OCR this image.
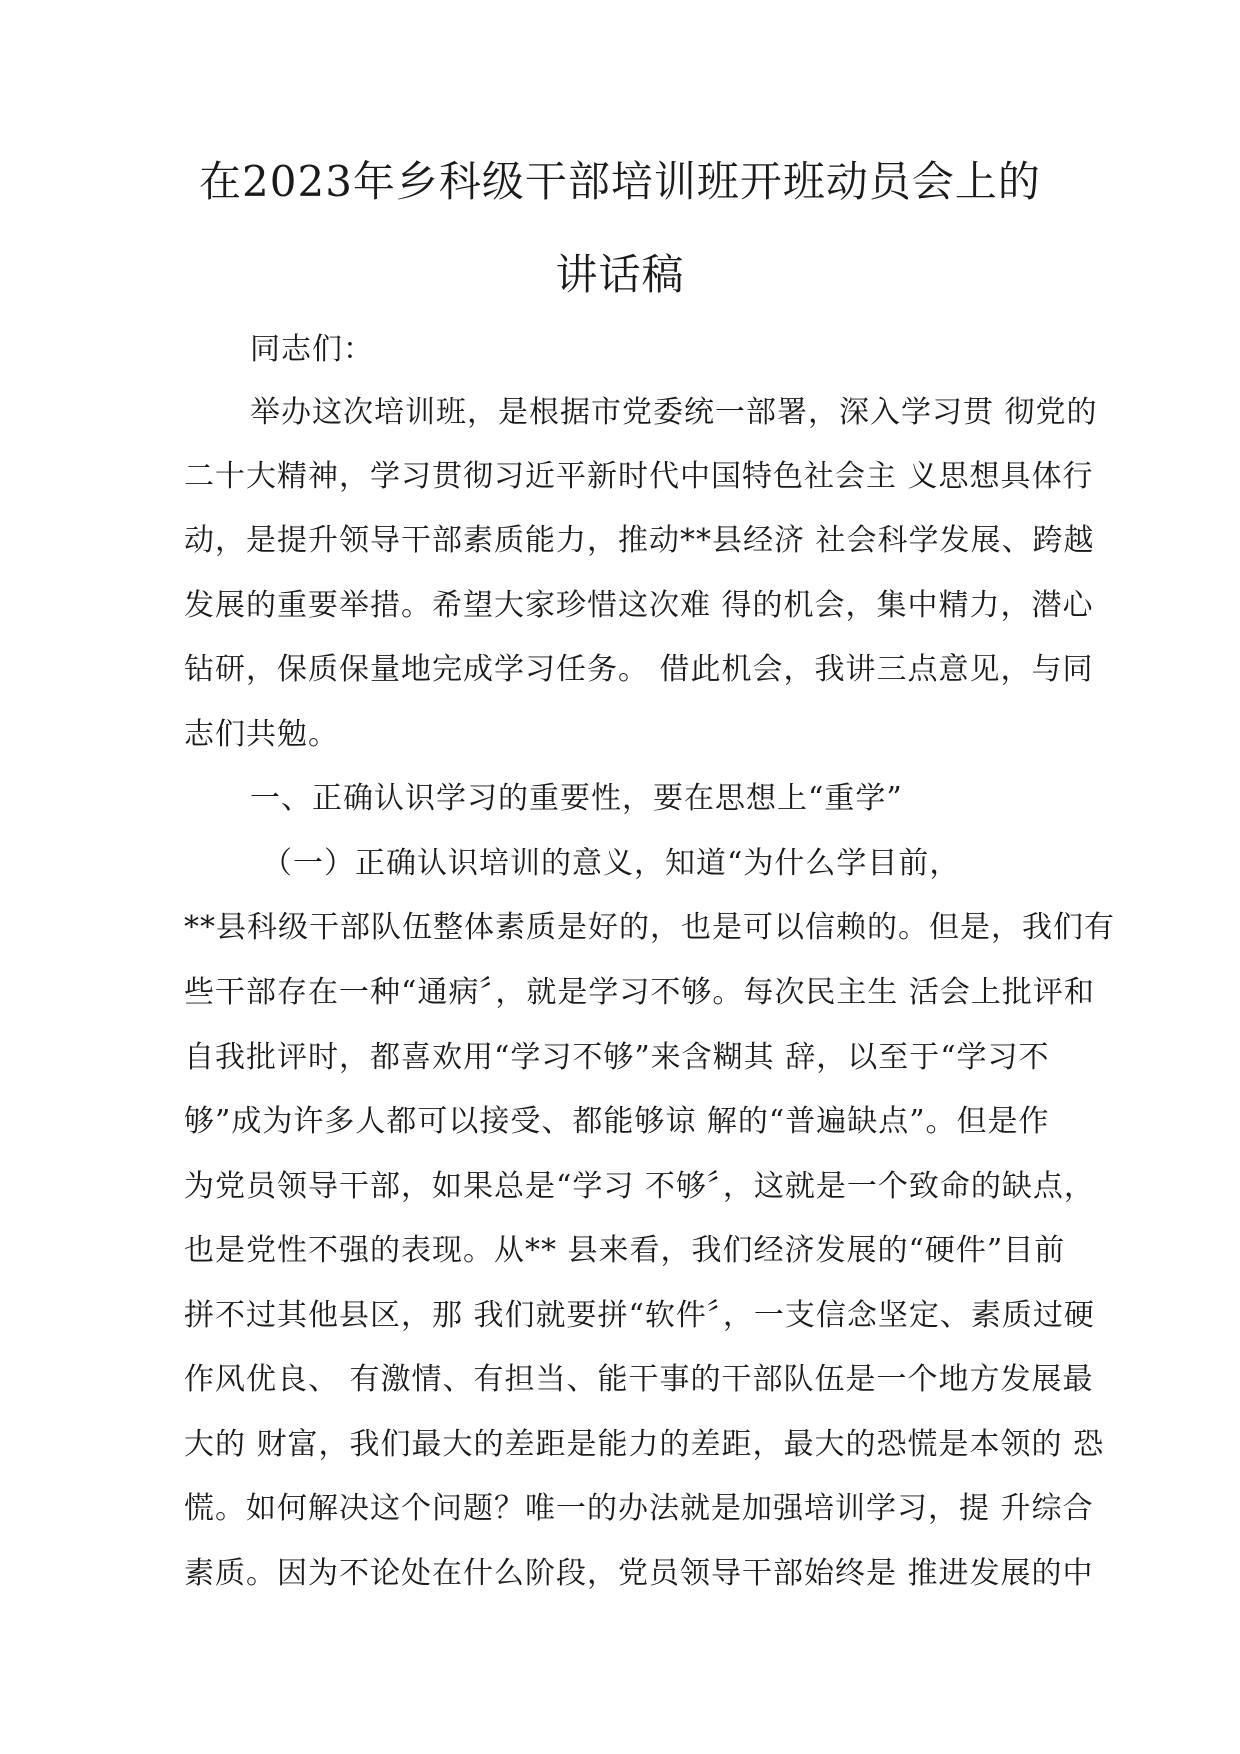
在2023年乡科级干部培训班开班动员会上的
讲话稿
同志们：
举办这次培训班，是根据市党委统一部署，深入学习贯 彻党的
二十大精神，学习贯彻习近平新时代中国特色社会主 义思想具体行
动，是提升领导干部素质能力，推动**县经济 社会科学发展、跨越
发展的重要举措。希望大家珍惜这次难 得的机会，集中精力，潜心
钻研，保质保量地完成学习任务。 借此机会，我讲三点意见，与同
志们共勉。
一、正确认识学习的重要性，要在思想上“重学”
（一）正确认识培训的意义，知道“为什么学目前，
**县科级干部队伍整体素质是好的，也是可以信赖的。但是，我们有
些干部存在一种“通病〞，就是学习不够。每次民主生 活会上批评和
自我批评时，都喜欢用“学习不够”来含糊其 辞，以至于“学习不
够”成为许多人都可以接受、都能够谅 解的“普遍缺点”。但是作
为党员领导干部，如果总是“学习 不够〞，这就是一个致命的缺点，
也是党性不强的表现。从** 县来看，我们经济发展的“硬件”目前
拼不过其他县区，那 我们就要拼“软件〞，一支信念坚定、素质过硬
作风优良、 有激情、有担当、能干事的干部队伍是一个地方发展最
大的 财富，我们最大的差距是能力的差距，最大的恐慌是本领的 恐
慌。如何解决这个问题？唯一的办法就是加强培训学习，提 升综合
素质。因为不论处在什么阶段，党员领导干部始终是 推进发展的中
